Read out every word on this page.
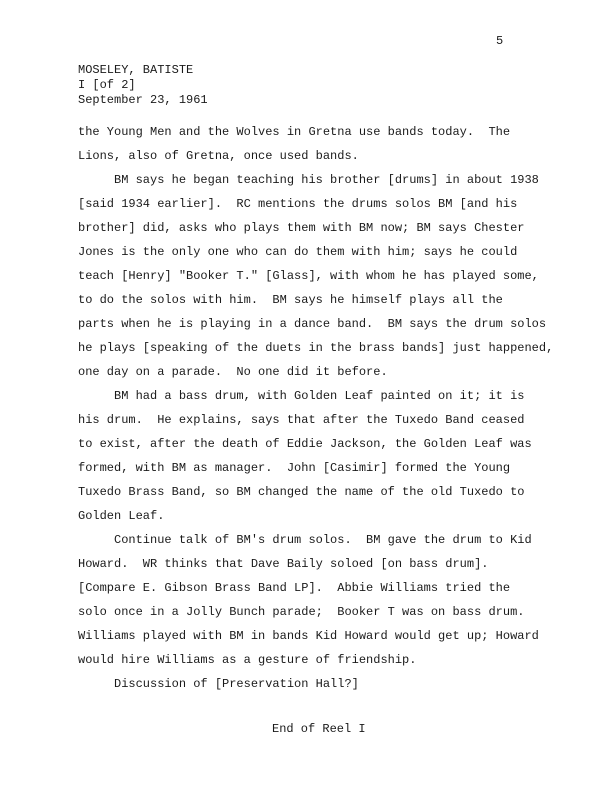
5
MOSELEY, BATISTE
I [of 2]
September 23, 1961
the Young Men and the Wolves in Gretna use bands today.  The
Lions, also of Gretna, once used bands.
BM says he began teaching his brother [drums] in about 1938
[said 1934 earlier].  RC mentions the drums solos BM [and his
brother] did, asks who plays them with BM now; BM says Chester
Jones is the only one who can do them with him; says he could
teach [Henry] "Booker T." [Glass], with whom he has played some,
to do the solos with him.  BM says he himself plays all the
parts when he is playing in a dance band.  BM says the drum solos
he plays [speaking of the duets in the brass bands] just happened,
one day on a parade.  No one did it before.
BM had a bass drum, with Golden Leaf painted on it; it is
his drum.  He explains, says that after the Tuxedo Band ceased
to exist, after the death of Eddie Jackson, the Golden Leaf was
formed, with BM as manager.  John [Casimir] formed the Young
Tuxedo Brass Band, so BM changed the name of the old Tuxedo to
Golden Leaf.
Continue talk of BM's drum solos.  BM gave the drum to Kid
Howard.  WR thinks that Dave Baily soloed [on bass drum].
[Compare E. Gibson Brass Band LP].  Abbie Williams tried the
solo once in a Jolly Bunch parade;  Booker T was on bass drum.
Williams played with BM in bands Kid Howard would get up; Howard
would hire Williams as a gesture of friendship.
Discussion of [Preservation Hall?]
End of Reel I
